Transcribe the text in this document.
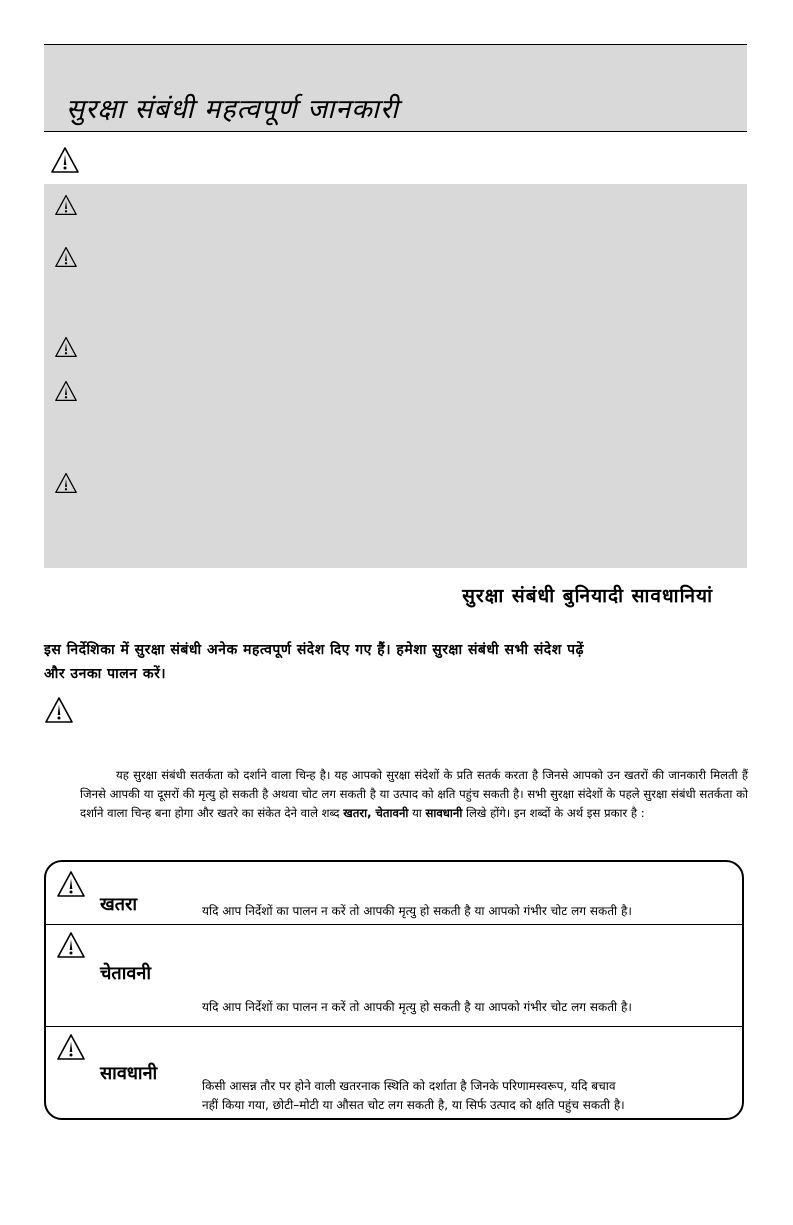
सुरक्षा संबंधी महत्वपूर्ण जानकारी
सुरक्षा संबंधी बुनियादी सावधानियां
इस निर्देशिका में सुरक्षा संबंधी अनेक महत्वपूर्ण संदेश दिए गए हैं। हमेशा सुरक्षा संबंधी सभी संदेश पढ़ें
और उनका पालन करें।
यह सुरक्षा संबंधी सतर्कता को दर्शाने वाला चिन्ह है। यह आपको सुरक्षा संदेशों के प्रति सतर्क करता है जिनसे आपको उन खतरों की जानकारी मिलती हैं जिनसे आपकी या दूसरों की मृत्यु हो सकती है अथवा चोट लग सकती है या उत्पाद को क्षति पहुंच सकती है। सभी सुरक्षा संदेशों के पहले सुरक्षा संबंधी सतर्कता को दर्शाने वाला चिन्ह बना होगा और खतरे का संकेत देने वाले शब्द खतरा, चेतावनी या सावधानी लिखे होंगे। इन शब्दों के अर्थ इस प्रकार है :
खतरा	यदि आप निर्देशों का पालन न करें तो आपकी मृत्यु हो सकती है या आपको गंभीर चोट लग सकती है।
चेतावनी
यदि आप निर्देशों का पालन न करें तो आपकी मृत्यु हो सकती है या आपको गंभीर चोट लग सकती है।
सावधानी
किसी आसन्न तौर पर होने वाली खतरनाक स्थिति को दर्शाता है जिनके परिणामस्वरूप, यदि बचाव
नहीं किया गया, छोटी–मोटी या औसत चोट लग सकती है, या सिर्फ उत्पाद को क्षति पहुंच सकती है।
